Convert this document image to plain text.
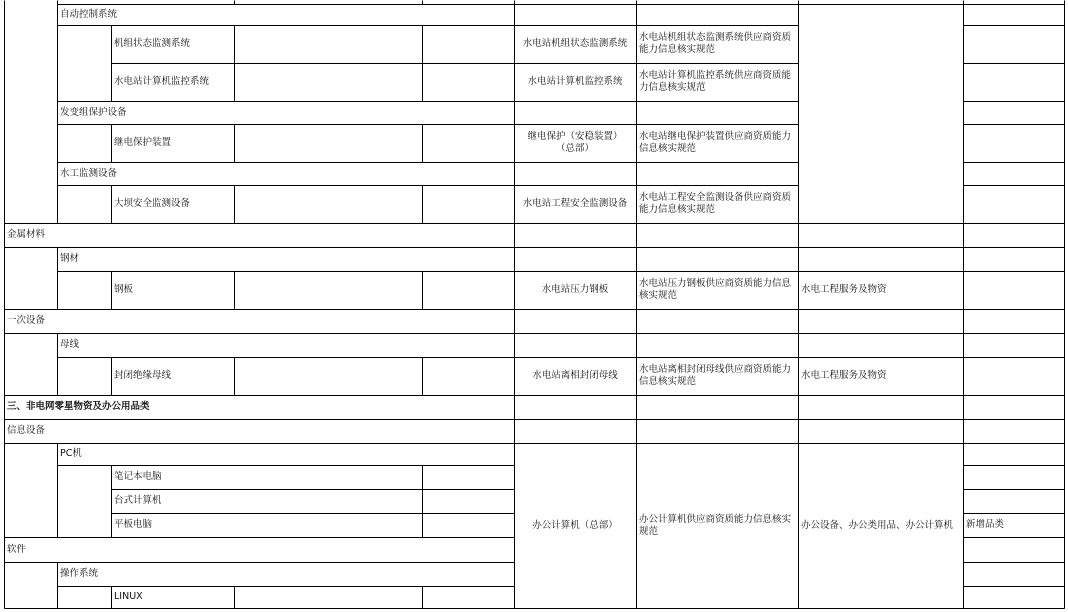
自动控制系统
机组状态监测系统
水电站计算机监控系统
发变组保护设备
继电保护装置
水工监测设备
大坝安全监测设备
金属材料
钢材
钢板
一次设备
母线
封闭绝缘母线
三、非电网零星物资及办公用品类
信息设备
PC机
笔记本电脑
台式计算机
平板电脑
软件
操作系统
LINUX
水电站机组状态监测系统
水电站计算机监控系统
继电保护（安稳装置）（总部）
水电站工程安全监测设备
水电站压力钢板
水电站离相封闭母线
办公计算机（总部）
水电站机组状态监测系统供应商资质能力信息核实规范
水电站计算机监控系统供应商资质能力信息核实规范
水电站继电保护装置供应商资质能力信息核实规范
水电站工程安全监测设备供应商资质能力信息核实规范
水电站压力钢板供应商资质能力信息核实规范
水电站离相封闭母线供应商资质能力信息核实规范
办公计算机供应商资质能力信息核实规范
水电工程服务及物资
水电工程服务及物资
办公设备、办公类用品、办公计算机	新增品类
